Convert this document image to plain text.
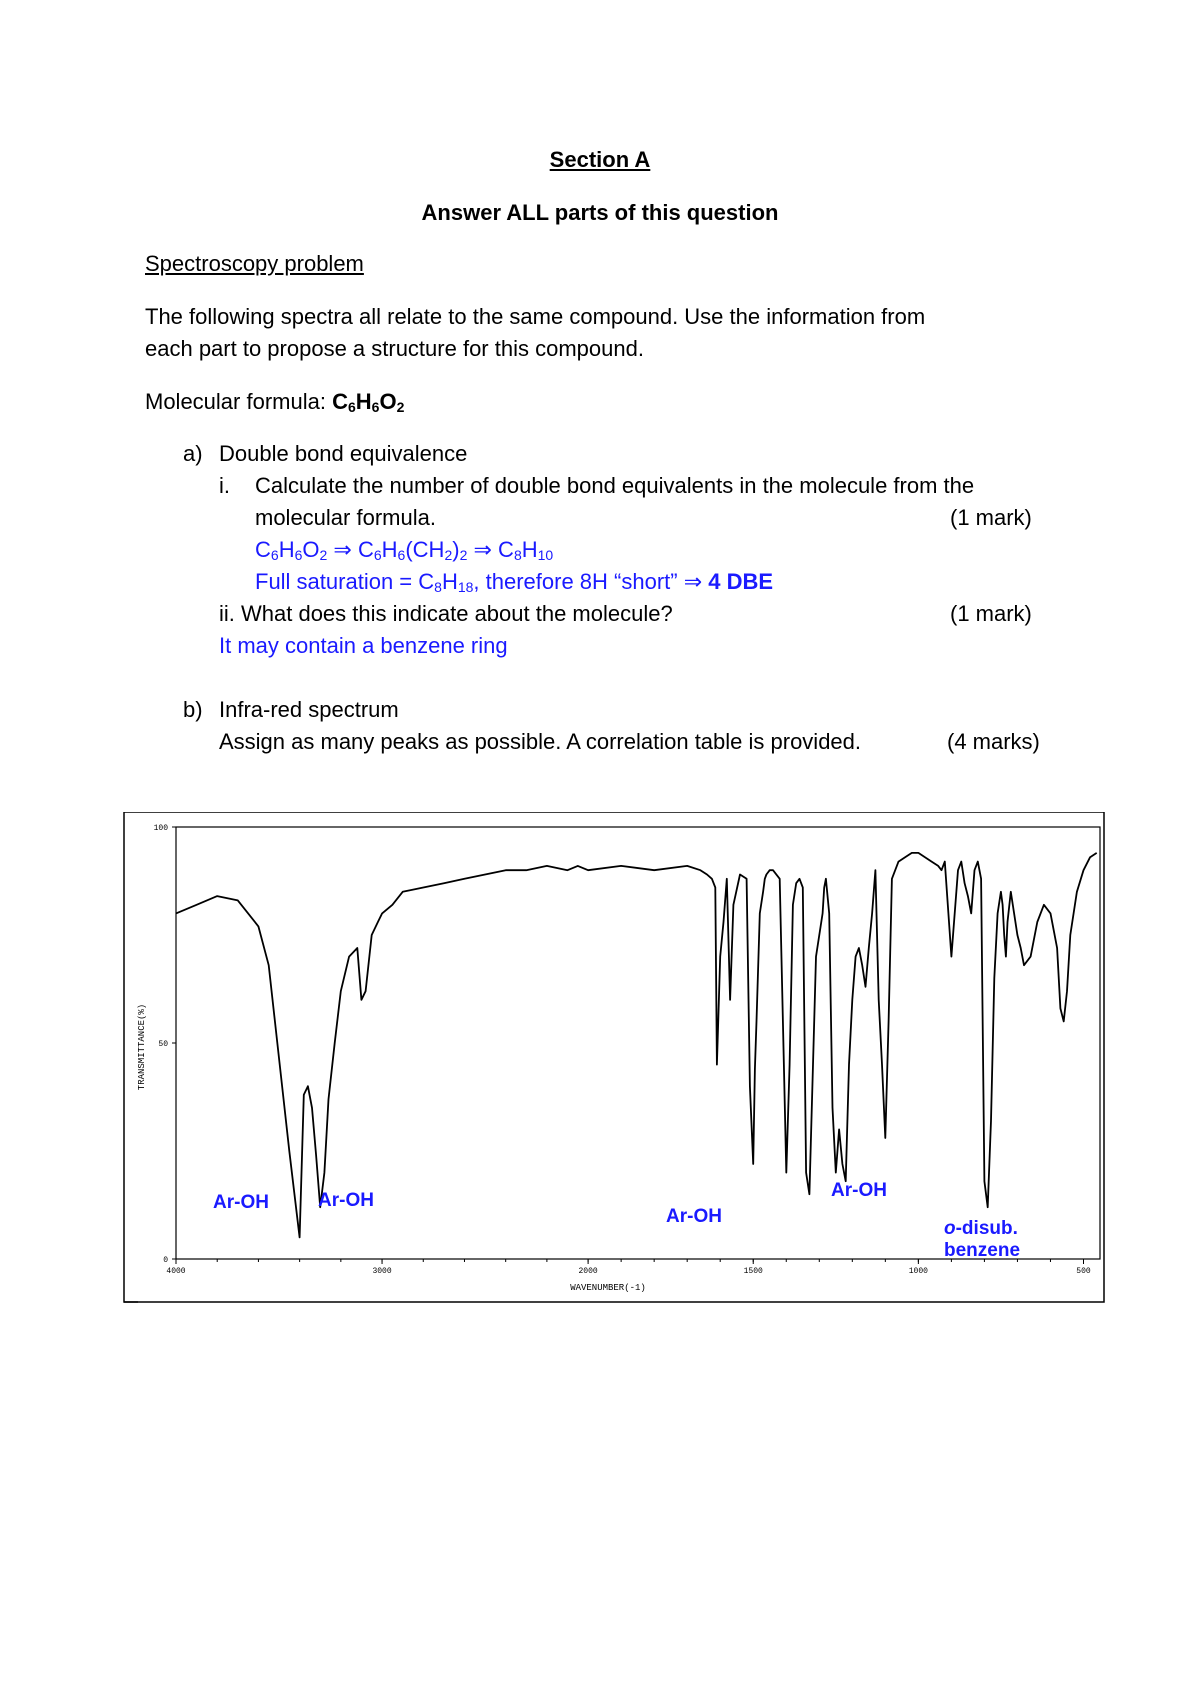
Section A
Answer ALL parts of this question
Spectroscopy problem
The following spectra all relate to the same compound. Use the information from
each part to propose a structure for this compound.
Molecular formula: $C_6H_6O_2$
a) Double bond equivalence
i. Calculate the number of double bond equivalents in the molecule from the
molecular formula.	(1 mark)
$C_6H_6O_2$ ⇒ $C_6H_6(CH_2)_2$ ⇒ $C_8H_{10}$
Full saturation = $C_8H_{18}$, therefore 8H “short” ⇒ 4 DBE
ii. What does this indicate about the molecule?	(1 mark)
It may contain a benzene ring
b) Infra-red spectrum
Assign as many peaks as possible. A correlation table is provided.	(4 marks)
TRANSMITTANCE(%)
WAVENUMBER(-1)
4000	3000	2000	1500	1000	500
100
50
0
Ar-OH	Ar-OH
Ar-OH
Ar-OH
o-disub.
benzene
